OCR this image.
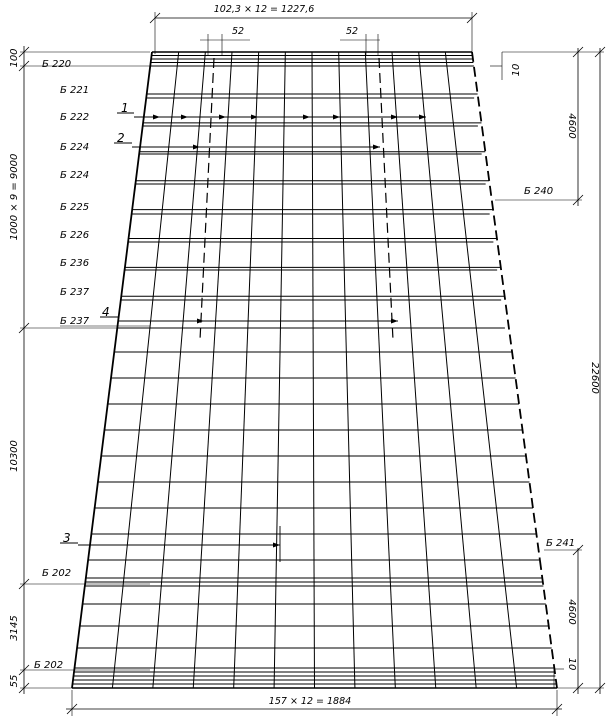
102,3 × 12 = 1227,6
52	52
157 × 12 = 1884
100
1000 × 9 = 9000
10300
3145
55
10
4600
22600
4600
10
Б 220
Б 221
Б 222
Б 224
Б 224
Б 225
Б 226
Б 236
Б 237
Б 237
Б 202
Б 202
Б 240
Б 241
1
2
3
4
